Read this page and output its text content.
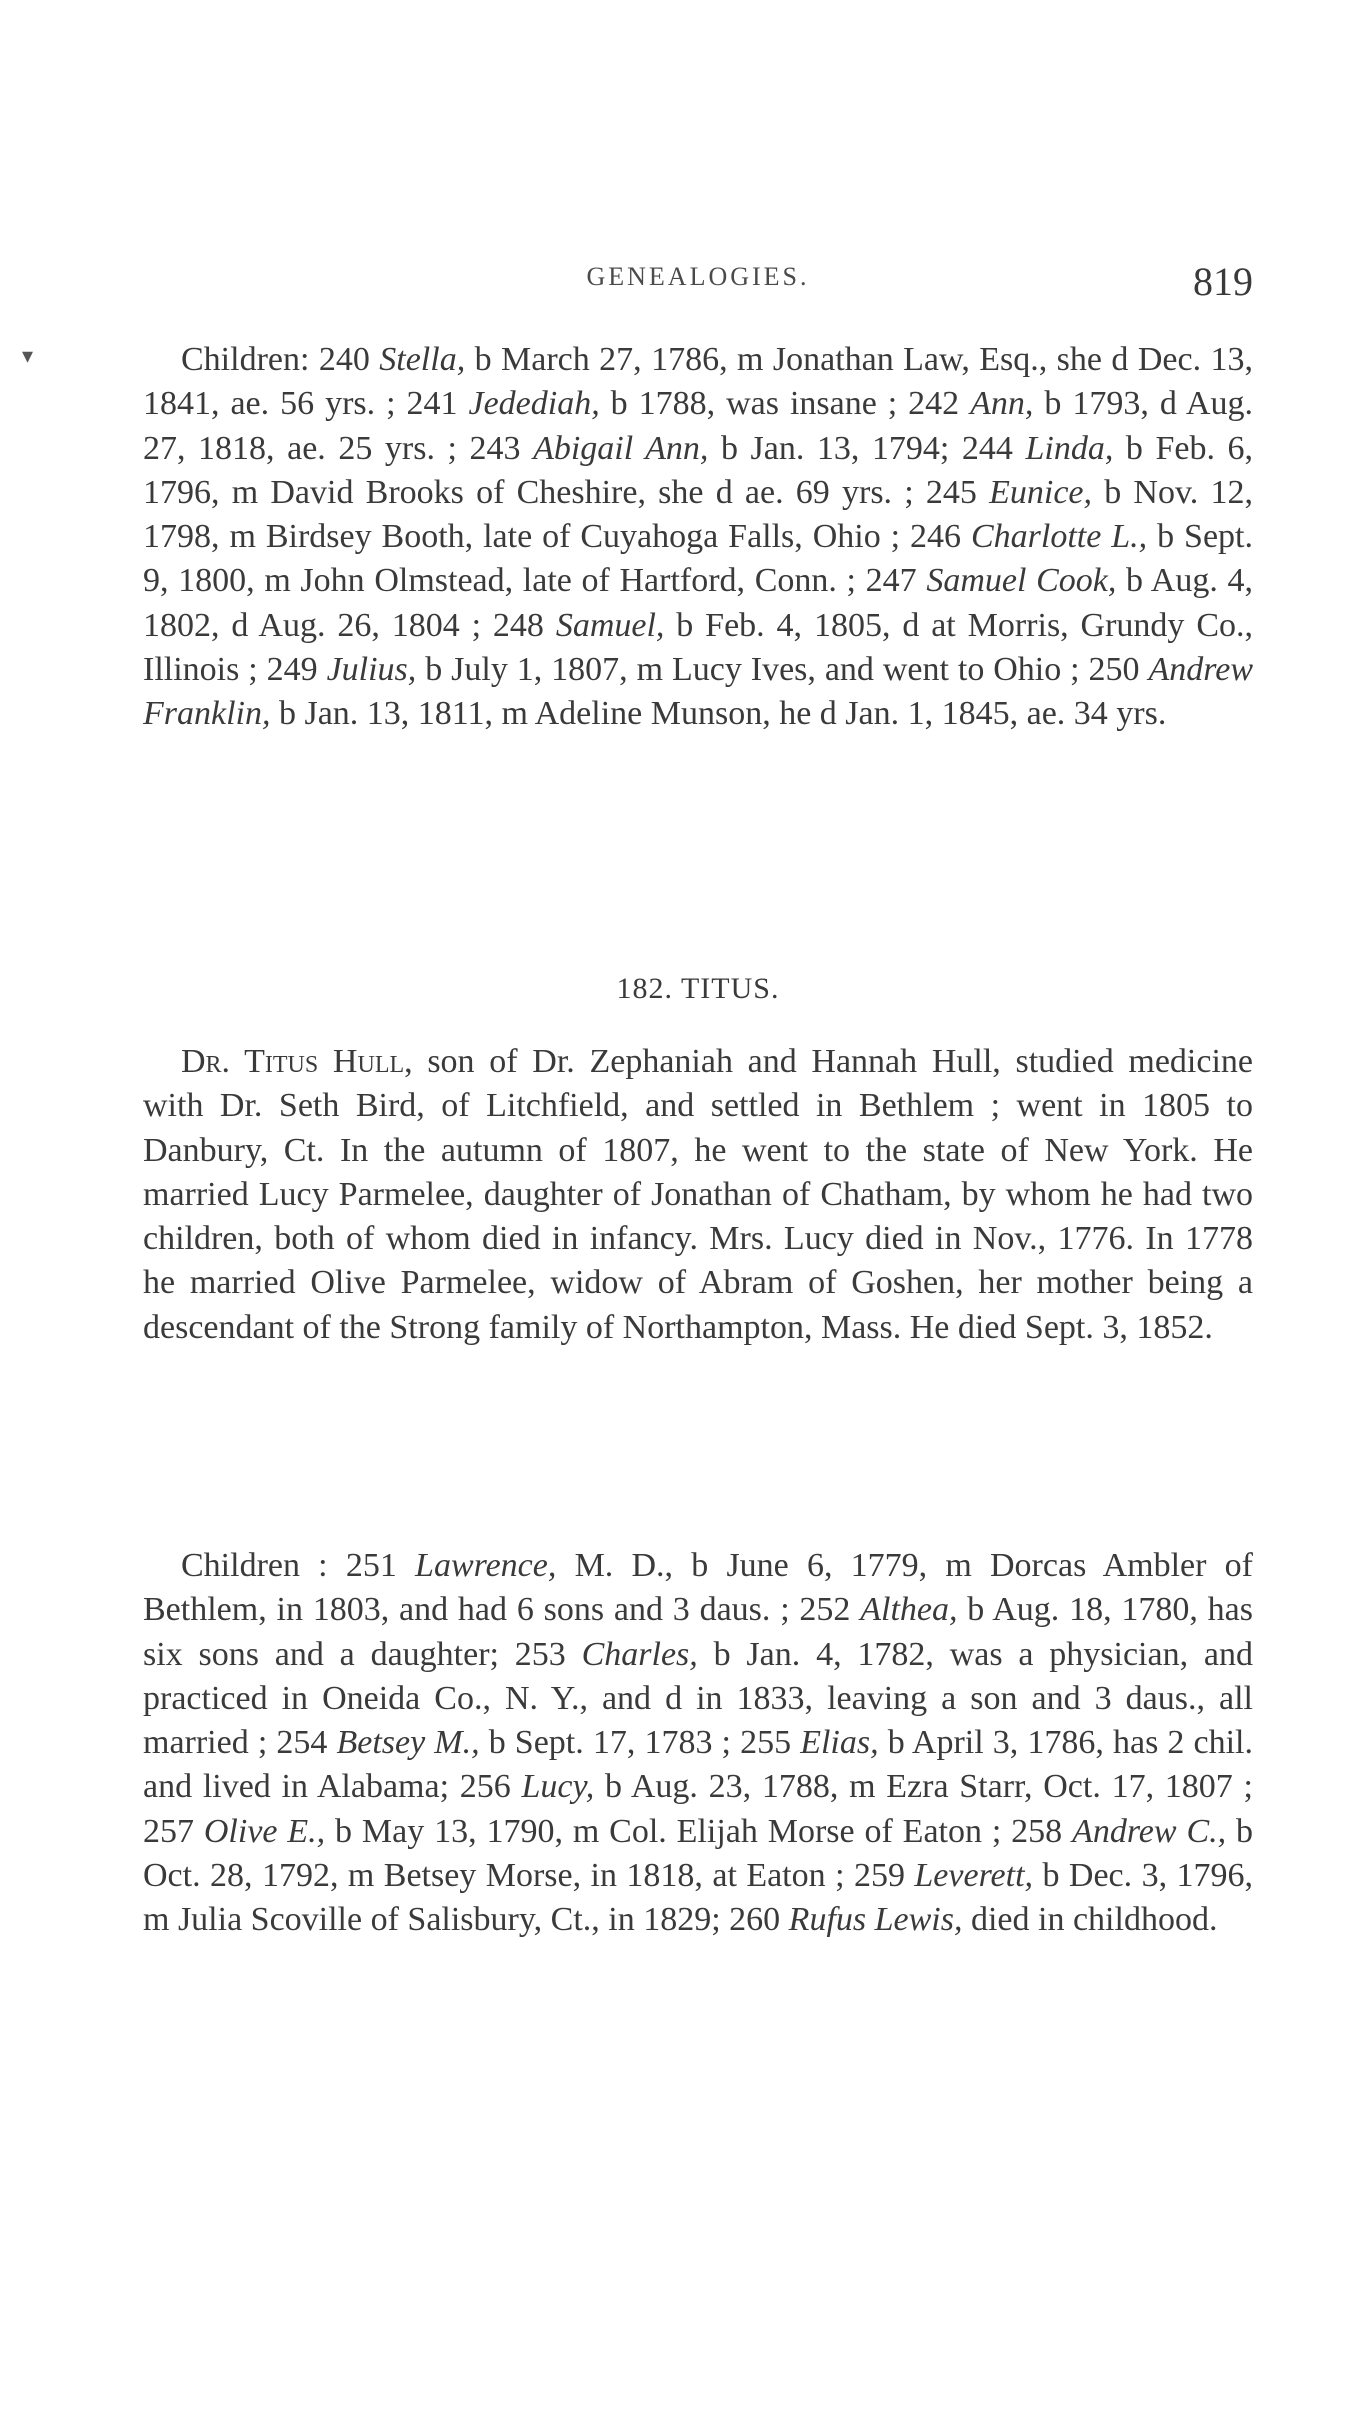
▾
GENEALOGIES.	819

Children: 240 Stella, b March 27, 1786, m Jonathan Law, Esq., she d Dec. 13, 1841, ae. 56 yrs. ; 241 Jedediah, b 1788, was insane ; 242 Ann, b 1793, d Aug. 27, 1818, ae. 25 yrs. ; 243 Abigail Ann, b Jan. 13, 1794; 244 Linda, b Feb. 6, 1796, m David Brooks of Cheshire, she d ae. 69 yrs. ; 245 Eunice, b Nov. 12, 1798, m Birdsey Booth, late of Cuyahoga Falls, Ohio ; 246 Charlotte L., b Sept. 9, 1800, m John Olmstead, late of Hartford, Conn. ; 247 Samuel Cook, b Aug. 4, 1802, d Aug. 26, 1804 ; 248 Samuel, b Feb. 4, 1805, d at Morris, Grundy Co., Illinois ; 249 Julius, b July 1, 1807, m Lucy Ives, and went to Ohio ; 250 Andrew Franklin, b Jan. 13, 1811, m Adeline Munson, he d Jan. 1, 1845, ae. 34 yrs.

182. TITUS.

Dr. Titus Hull, son of Dr. Zephaniah and Hannah Hull, studied medicine with Dr. Seth Bird, of Litchfield, and settled in Bethlem ; went in 1805 to Danbury, Ct. In the autumn of 1807, he went to the state of New York. He married Lucy Parmelee, daughter of Jonathan of Chatham, by whom he had two children, both of whom died in infancy. Mrs. Lucy died in Nov., 1776. In 1778 he married Olive Parmelee, widow of Abram of Goshen, her mother being a descendant of the Strong family of Northampton, Mass. He died Sept. 3, 1852.

Children : 251 Lawrence, M. D., b June 6, 1779, m Dorcas Ambler of Bethlem, in 1803, and had 6 sons and 3 daus. ; 252 Althea, b Aug. 18, 1780, has six sons and a daughter; 253 Charles, b Jan. 4, 1782, was a physician, and practiced in Oneida Co., N. Y., and d in 1833, leaving a son and 3 daus., all married ; 254 Betsey M., b Sept. 17, 1783 ; 255 Elias, b April 3, 1786, has 2 chil. and lived in Alabama; 256 Lucy, b Aug. 23, 1788, m Ezra Starr, Oct. 17, 1807 ; 257 Olive E., b May 13, 1790, m Col. Elijah Morse of Eaton ; 258 Andrew C., b Oct. 28, 1792, m Betsey Morse, in 1818, at Eaton ; 259 Leverett, b Dec. 3, 1796, m Julia Scoville of Salisbury, Ct., in 1829; 260 Rufus Lewis, died in childhood.
